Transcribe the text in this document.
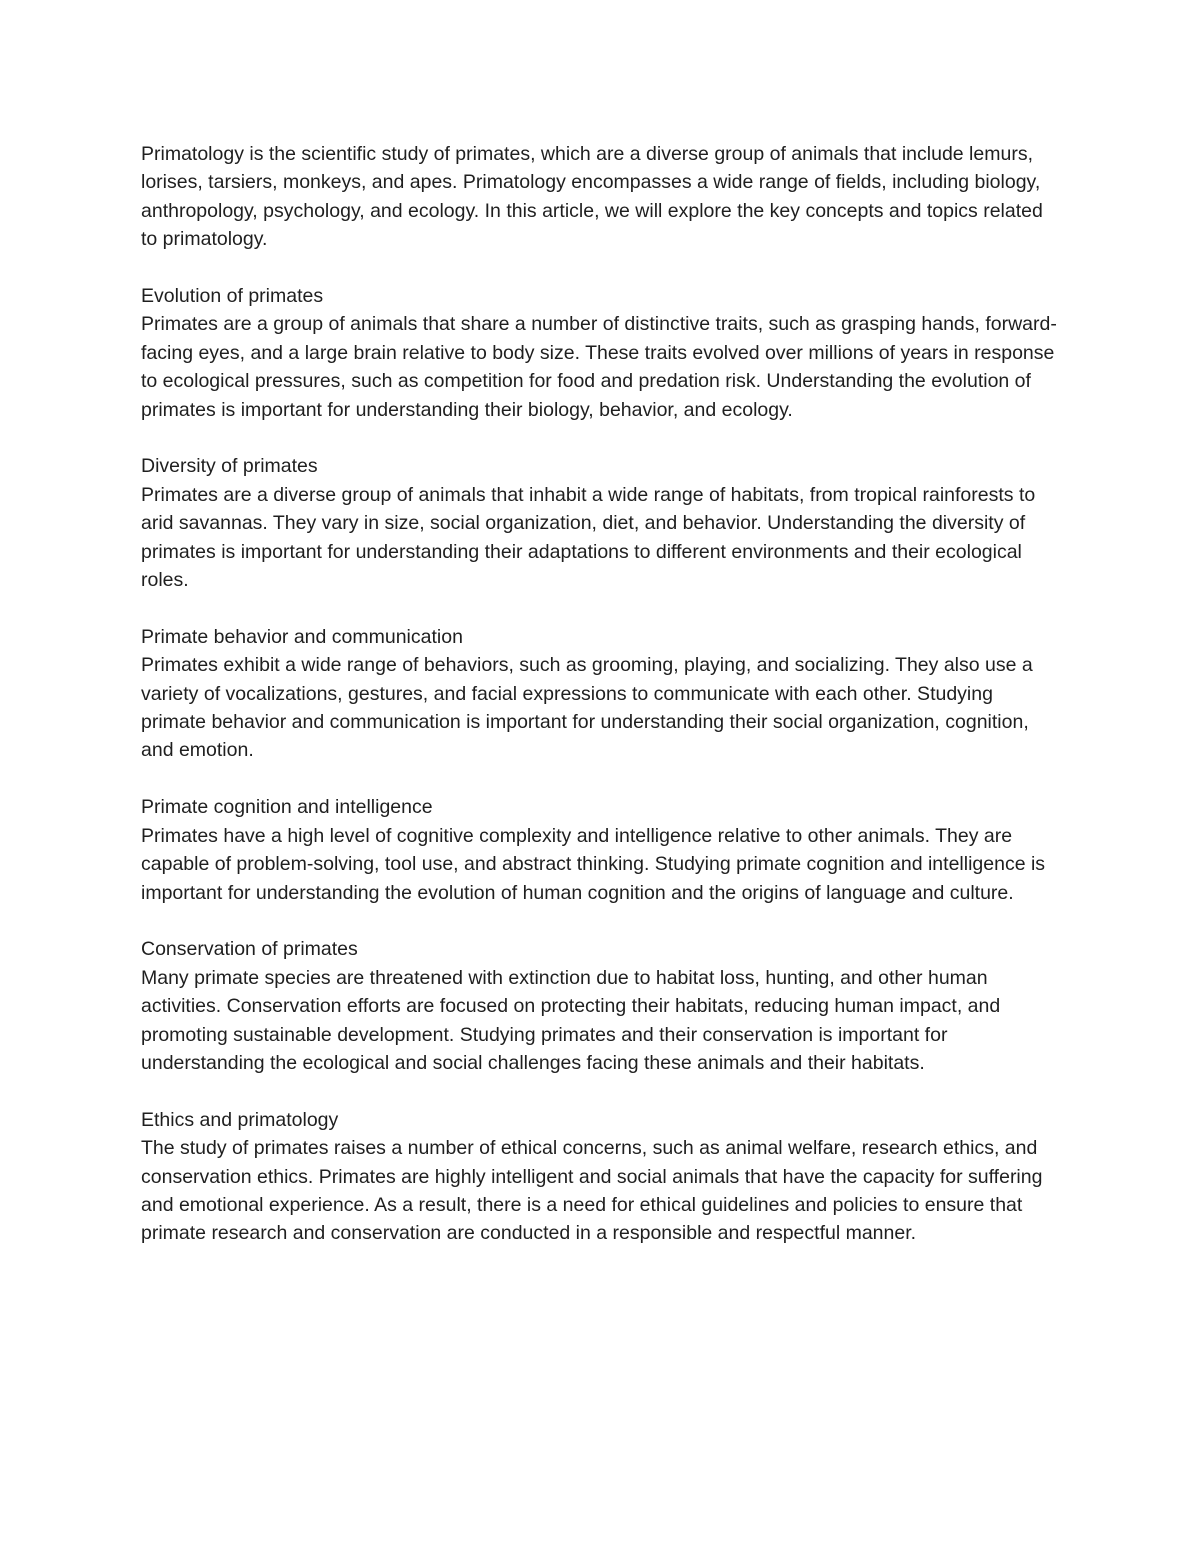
Primatology is the scientific study of primates, which are a diverse group of animals that include lemurs, lorises, tarsiers, monkeys, and apes. Primatology encompasses a wide range of fields, including biology, anthropology, psychology, and ecology. In this article, we will explore the key concepts and topics related to primatology.

Evolution of primates

Primates are a group of animals that share a number of distinctive traits, such as grasping hands, forward-facing eyes, and a large brain relative to body size. These traits evolved over millions of years in response to ecological pressures, such as competition for food and predation risk. Understanding the evolution of primates is important for understanding their biology, behavior, and ecology.

Diversity of primates

Primates are a diverse group of animals that inhabit a wide range of habitats, from tropical rainforests to arid savannas. They vary in size, social organization, diet, and behavior. Understanding the diversity of primates is important for understanding their adaptations to different environments and their ecological roles.

Primate behavior and communication

Primates exhibit a wide range of behaviors, such as grooming, playing, and socializing. They also use a variety of vocalizations, gestures, and facial expressions to communicate with each other. Studying primate behavior and communication is important for understanding their social organization, cognition, and emotion.

Primate cognition and intelligence

Primates have a high level of cognitive complexity and intelligence relative to other animals. They are capable of problem-solving, tool use, and abstract thinking. Studying primate cognition and intelligence is important for understanding the evolution of human cognition and the origins of language and culture.

Conservation of primates

Many primate species are threatened with extinction due to habitat loss, hunting, and other human activities. Conservation efforts are focused on protecting their habitats, reducing human impact, and promoting sustainable development. Studying primates and their conservation is important for understanding the ecological and social challenges facing these animals and their habitats.

Ethics and primatology

The study of primates raises a number of ethical concerns, such as animal welfare, research ethics, and conservation ethics. Primates are highly intelligent and social animals that have the capacity for suffering and emotional experience. As a result, there is a need for ethical guidelines and policies to ensure that primate research and conservation are conducted in a responsible and respectful manner.
